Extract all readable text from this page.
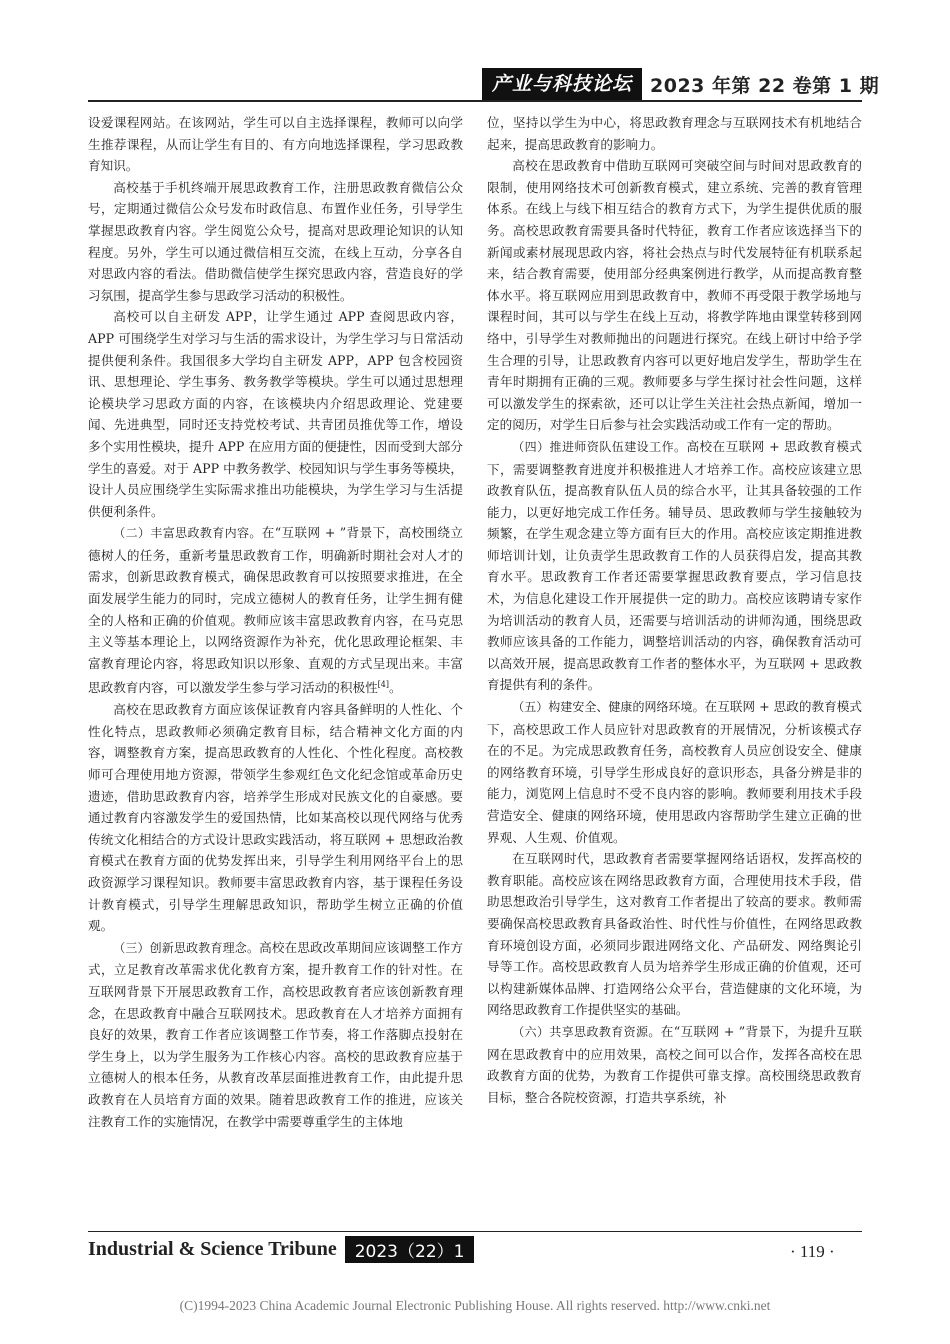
产业与科技论坛 2023 年第 22 卷第 1 期

设爱课程网站。在该网站，学生可以自主选择课程，教师可以向学生推荐课程，从而让学生有目的、有方向地选择课程，学习思政教育知识。

高校基于手机终端开展思政教育工作，注册思政教育微信公众号，定期通过微信公众号发布时政信息、布置作业任务，引导学生掌握思政教育内容。学生阅览公众号，提高对思政理论知识的认知程度。另外，学生可以通过微信相互交流，在线上互动，分享各自对思政内容的看法。借助微信使学生探究思政内容，营造良好的学习氛围，提高学生参与思政学习活动的积极性。

高校可以自主研发 APP，让学生通过 APP 查阅思政内容，APP 可围绕学生对学习与生活的需求设计，为学生学习与日常活动提供便利条件。我国很多大学均自主研发 APP，APP 包含校园资讯、思想理论、学生事务、教务教学等模块。学生可以通过思想理论模块学习思政方面的内容，在该模块内介绍思政理论、党建要闻、先进典型，同时还支持党校考试、共青团员推优等工作，增设多个实用性模块，提升 APP 在应用方面的便捷性，因而受到大部分学生的喜爱。对于 APP 中教务教学、校园知识与学生事务等模块，设计人员应围绕学生实际需求推出功能模块，为学生学习与生活提供便利条件。

（二）丰富思政教育内容。在“互联网 + ”背景下，高校围绕立德树人的任务，重新考量思政教育工作，明确新时期社会对人才的需求，创新思政教育模式，确保思政教育可以按照要求推进，在全面发展学生能力的同时，完成立德树人的教育任务，让学生拥有健全的人格和正确的价值观。教师应该丰富思政教育内容，在马克思主义等基本理论上，以网络资源作为补充，优化思政理论框架、丰富教育理论内容，将思政知识以形象、直观的方式呈现出来。丰富思政教育内容，可以激发学生参与学习活动的积极性[4]。

高校在思政教育方面应该保证教育内容具备鲜明的人性化、个性化特点，思政教师必须确定教育目标，结合精神文化方面的内容，调整教育方案，提高思政教育的人性化、个性化程度。高校教师可合理使用地方资源，带领学生参观红色文化纪念馆或革命历史遗迹，借助思政教育内容，培养学生形成对民族文化的自豪感。要通过教育内容激发学生的爱国热情，比如某高校以现代网络与优秀传统文化相结合的方式设计思政实践活动，将互联网 + 思想政治教育模式在教育方面的优势发挥出来，引导学生利用网络平台上的思政资源学习课程知识。教师要丰富思政教育内容，基于课程任务设计教育模式，引导学生理解思政知识，帮助学生树立正确的价值观。

（三）创新思政教育理念。高校在思政改革期间应该调整工作方式，立足教育改革需求优化教育方案，提升教育工作的针对性。在互联网背景下开展思政教育工作，高校思政教育者应该创新教育理念，在思政教育中融合互联网技术。思政教育在人才培养方面拥有良好的效果，教育工作者应该调整工作节奏，将工作落脚点投射在学生身上，以为学生服务为工作核心内容。高校的思政教育应基于立德树人的根本任务，从教育改革层面推进教育工作，由此提升思政教育在人员培育方面的效果。随着思政教育工作的推进，应该关注教育工作的实施情况，在教学中需要尊重学生的主体地

位，坚持以学生为中心，将思政教育理念与互联网技术有机地结合起来，提高思政教育的影响力。

高校在思政教育中借助互联网可突破空间与时间对思政教育的限制，使用网络技术可创新教育模式，建立系统、完善的教育管理体系。在线上与线下相互结合的教育方式下，为学生提供优质的服务。高校思政教育需要具备时代特征，教育工作者应该选择当下的新闻或素材展现思政内容，将社会热点与时代发展特征有机联系起来，结合教育需要，使用部分经典案例进行教学，从而提高教育整体水平。将互联网应用到思政教育中，教师不再受限于教学场地与课程时间，其可以与学生在线上互动，将教学阵地由课堂转移到网络中，引导学生对教师抛出的问题进行探究。在线上研讨中给予学生合理的引导，让思政教育内容可以更好地启发学生，帮助学生在青年时期拥有正确的三观。教师要多与学生探讨社会性问题，这样可以激发学生的探索欲，还可以让学生关注社会热点新闻，增加一定的阅历，对学生日后参与社会实践活动或工作有一定的帮助。

（四）推进师资队伍建设工作。高校在互联网 + 思政教育模式下，需要调整教育进度并积极推进人才培养工作。高校应该建立思政教育队伍，提高教育队伍人员的综合水平，让其具备较强的工作能力，以更好地完成工作任务。辅导员、思政教师与学生接触较为频繁，在学生观念建立等方面有巨大的作用。高校应该定期推进教师培训计划，让负责学生思政教育工作的人员获得启发，提高其教育水平。思政教育工作者还需要掌握思政教育要点，学习信息技术，为信息化建设工作开展提供一定的助力。高校应该聘请专家作为培训活动的教育人员，还需要与培训活动的讲师沟通，围绕思政教师应该具备的工作能力，调整培训活动的内容，确保教育活动可以高效开展，提高思政教育工作者的整体水平，为互联网 + 思政教育提供有利的条件。

（五）构建安全、健康的网络环境。在互联网 + 思政的教育模式下，高校思政工作人员应针对思政教育的开展情况，分析该模式存在的不足。为完成思政教育任务，高校教育人员应创设安全、健康的网络教育环境，引导学生形成良好的意识形态，具备分辨是非的能力，浏览网上信息时不受不良内容的影响。教师要利用技术手段营造安全、健康的网络环境，使用思政内容帮助学生建立正确的世界观、人生观、价值观。

在互联网时代，思政教育者需要掌握网络话语权，发挥高校的教育职能。高校应该在网络思政教育方面，合理使用技术手段，借助思想政治引导学生，这对教育工作者提出了较高的要求。教师需要确保高校思政教育具备政治性、时代性与价值性，在网络思政教育环境创设方面，必须同步跟进网络文化、产品研发、网络舆论引导等工作。高校思政教育人员为培养学生形成正确的价值观，还可以构建新媒体品牌、打造网络公众平台，营造健康的文化环境，为网络思政教育工作提供坚实的基础。

（六）共享思政教育资源。在“互联网 + ”背景下，为提升互联网在思政教育中的应用效果，高校之间可以合作，发挥各高校在思政教育方面的优势，为教育工作提供可靠支撑。高校围绕思政教育目标，整合各院校资源，打造共享系统，补

Industrial & Science Tribune	2023（22）1	· 119 ·
(C)1994-2023 China Academic Journal Electronic Publishing House. All rights reserved. http://www.cnki.net
